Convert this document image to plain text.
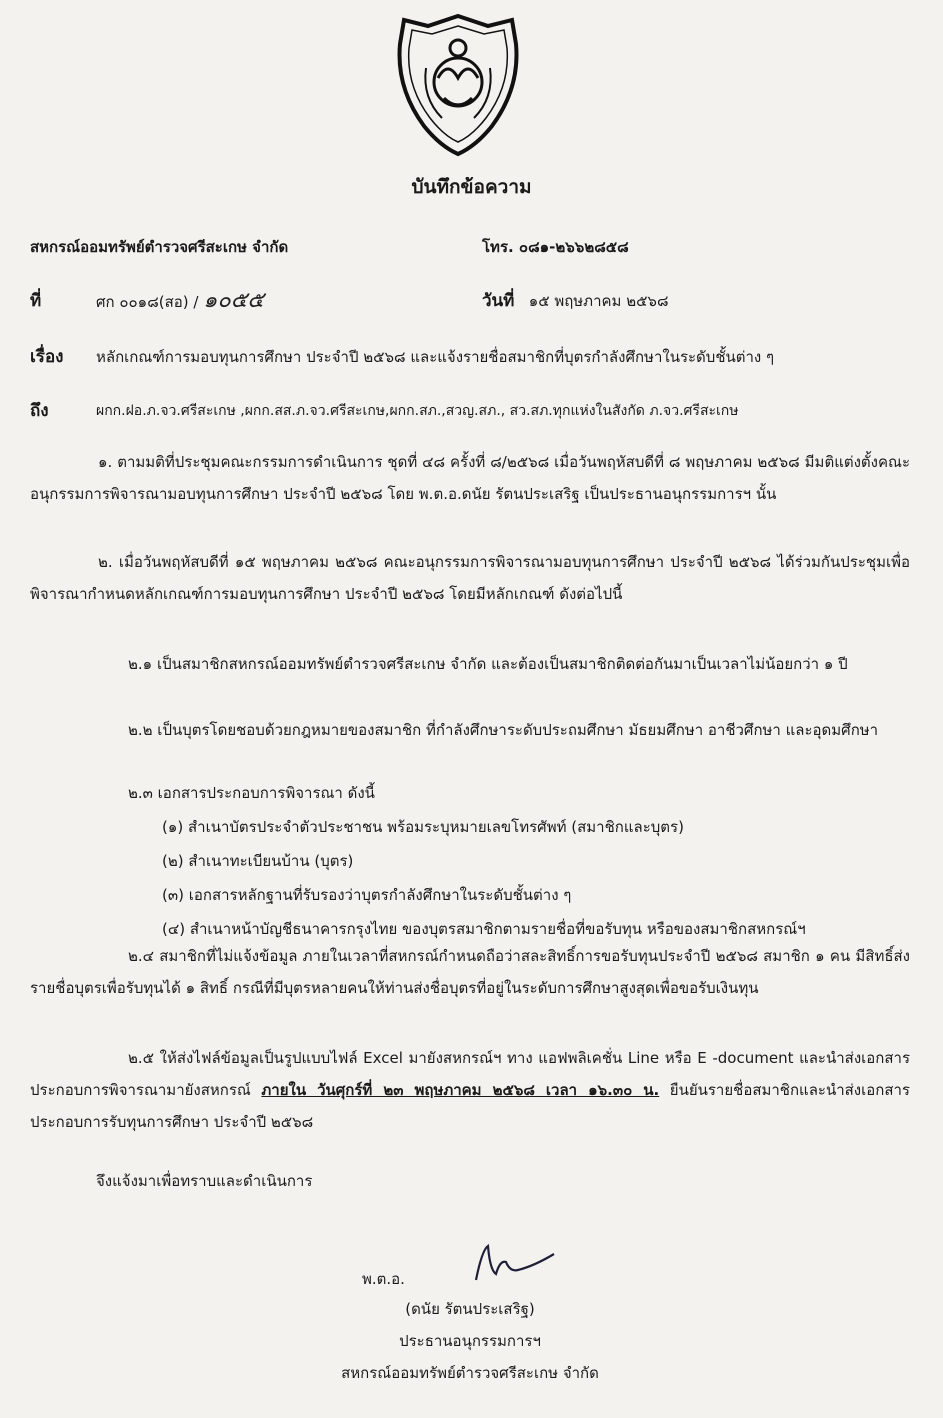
บันทึกข้อความ
สหกรณ์ออมทรัพย์ตำรวจศรีสะเกษ จำกัด	โทร. ๐๘๑-๒๖๖๒๘๕๘
ที่	ศก ๐๐๑๘(สอ) / ๑๐๕๕	วันที่ ๑๕ พฤษภาคม ๒๕๖๘
เรื่อง หลักเกณฑ์การมอบทุนการศึกษา ประจำปี ๒๕๖๘ และแจ้งรายชื่อสมาชิกที่บุตรกำลังศึกษาในระดับชั้นต่าง ๆ
ถึง	ผกก.ฝอ.ภ.จว.ศรีสะเกษ ,ผกก.สส.ภ.จว.ศรีสะเกษ,ผกก.สภ.,สวญ.สภ., สว.สภ.ทุกแห่งในสังกัด ภ.จว.ศรีสะเกษ
๑. ตามมติที่ประชุมคณะกรรมการดำเนินการ ชุดที่ ๔๘ ครั้งที่ ๘/๒๕๖๘ เมื่อวันพฤหัสบดีที่ ๘ พฤษภาคม ๒๕๖๘ มีมติแต่งตั้งคณะอนุกรรมการพิจารณามอบทุนการศึกษา ประจำปี ๒๕๖๘ โดย พ.ต.อ.ดนัย รัตนประเสริฐ เป็นประธานอนุกรรมการฯ นั้น
๒. เมื่อวันพฤหัสบดีที่ ๑๕ พฤษภาคม ๒๕๖๘ คณะอนุกรรมการพิจารณามอบทุนการศึกษา ประจำปี ๒๕๖๘ ได้ร่วมกันประชุมเพื่อพิจารณากำหนดหลักเกณฑ์การมอบทุนการศึกษา ประจำปี ๒๕๖๘ โดยมีหลักเกณฑ์ ดังต่อไปนี้
๒.๑ เป็นสมาชิกสหกรณ์ออมทรัพย์ตำรวจศรีสะเกษ จำกัด และต้องเป็นสมาชิกติดต่อกันมาเป็นเวลาไม่น้อยกว่า ๑ ปี
๒.๒ เป็นบุตรโดยชอบด้วยกฎหมายของสมาชิก ที่กำลังศึกษาระดับประถมศึกษา มัธยมศึกษา อาชีวศึกษา และอุดมศึกษา
๒.๓ เอกสารประกอบการพิจารณา ดังนี้
(๑) สำเนาบัตรประจำตัวประชาชน พร้อมระบุหมายเลขโทรศัพท์ (สมาชิกและบุตร)
(๒) สำเนาทะเบียนบ้าน (บุตร)
(๓) เอกสารหลักฐานที่รับรองว่าบุตรกำลังศึกษาในระดับชั้นต่าง ๆ
(๔) สำเนาหน้าบัญชีธนาคารกรุงไทย ของบุตรสมาชิกตามรายชื่อที่ขอรับทุน หรือของสมาชิกสหกรณ์ฯ
๒.๔ สมาชิกที่ไม่แจ้งข้อมูล ภายในเวลาที่สหกรณ์กำหนดถือว่าสละสิทธิ์การขอรับทุนประจำปี ๒๕๖๘ สมาชิก ๑ คน มีสิทธิ์ส่งรายชื่อบุตรเพื่อรับทุนได้ ๑ สิทธิ์ กรณีที่มีบุตรหลายคนให้ท่านส่งชื่อบุตรที่อยู่ในระดับการศึกษาสูงสุดเพื่อขอรับเงินทุน
๒.๕ ให้ส่งไฟล์ข้อมูลเป็นรูปแบบไฟล์ Excel มายังสหกรณ์ฯ ทาง แอฟพลิเคชั่น Line หรือ E -document และนำส่งเอกสารประกอบการพิจารณามายังสหกรณ์ ภายใน วันศุกร์ที่ ๒๓ พฤษภาคม ๒๕๖๘ เวลา ๑๖.๓๐ น. ยืนยันรายชื่อสมาชิกและนำส่งเอกสารประกอบการรับทุนการศึกษา ประจำปี ๒๕๖๘
จึงแจ้งมาเพื่อทราบและดำเนินการ
พ.ต.อ.
(ดนัย รัตนประเสริฐ)
ประธานอนุกรรมการฯ
สหกรณ์ออมทรัพย์ตำรวจศรีสะเกษ จำกัด
